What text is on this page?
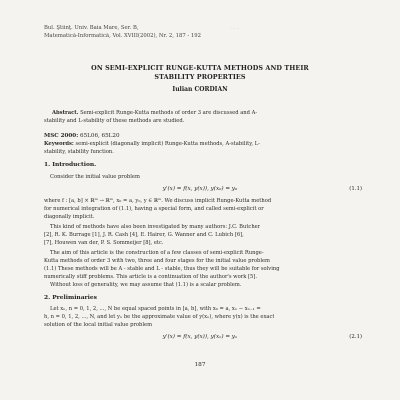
· · ·
Bul. Ştiinţ. Univ. Baia Mare, Ser. B,
Matematică-Informatică, Vol. XVIII(2002), Nr. 2, 187 - 192
ON SEMI-EXPLICIT RUNGE-KUTTA METHODS AND THEIR
STABILITY PROPERTIES
Iulian CORDIAN
Abstract. Semi-explicit Runge-Kutta methods of order 3 are discussed and A-
stability and L-stability of these methods are studied.
MSC 2000: 65L06, 65L20
Keywords: semi-explicit (diagonally implicit) Runge-Kutta methods, A-stability, L-
stability, stability function.
1. Introduction.
Consider the initial value problem
y'(x) = f(x, y(x)), y(x₀) = y₀	(1.1)
where f : [a, b] × ℝᵐ → ℝᵐ, x₀ = a, y₀, y ∈ ℝᵐ. We discuss implicit Runge-Kutta method
for numerical integration of (1.1), having a special form, and called semi-explicit or
diagonally implicit.
This kind of methods have also been investigated by many authors: J.C. Butcher
[2], R. K. Burrage [1], J. R. Cash [4], E. Hairer, G. Wanner and C. Lubich [6],
[7], Houwen van der, P. S. Sommeijer [8], etc.
The aim of this article is the construction of a few classes of semi-explicit Runge-
Kutta methods of order 3 with two, three and four stages for the initial value problem
(1.1) These methods will be A - stable and L - stable, thus they will be suitable for solving
numerically stiff problems. This article is a continuation of the author's work [5].
Without loss of generality, we may assume that (1.1) is a scalar problem.
2. Preliminaries
Let xₙ, n = 0, 1, 2, ..., N be equal spaced points in [a, b], with x₀ = a, xₙ − xₙ₋₁ =
h, n = 0, 1, 2, ..., N, and let yₙ be the approximate value of y(xₙ), where y(x) is the exact
solution of the local initial value problem
y'(x) = f(x, y(x)), y(xₙ) = yₙ	(2.1)
187
